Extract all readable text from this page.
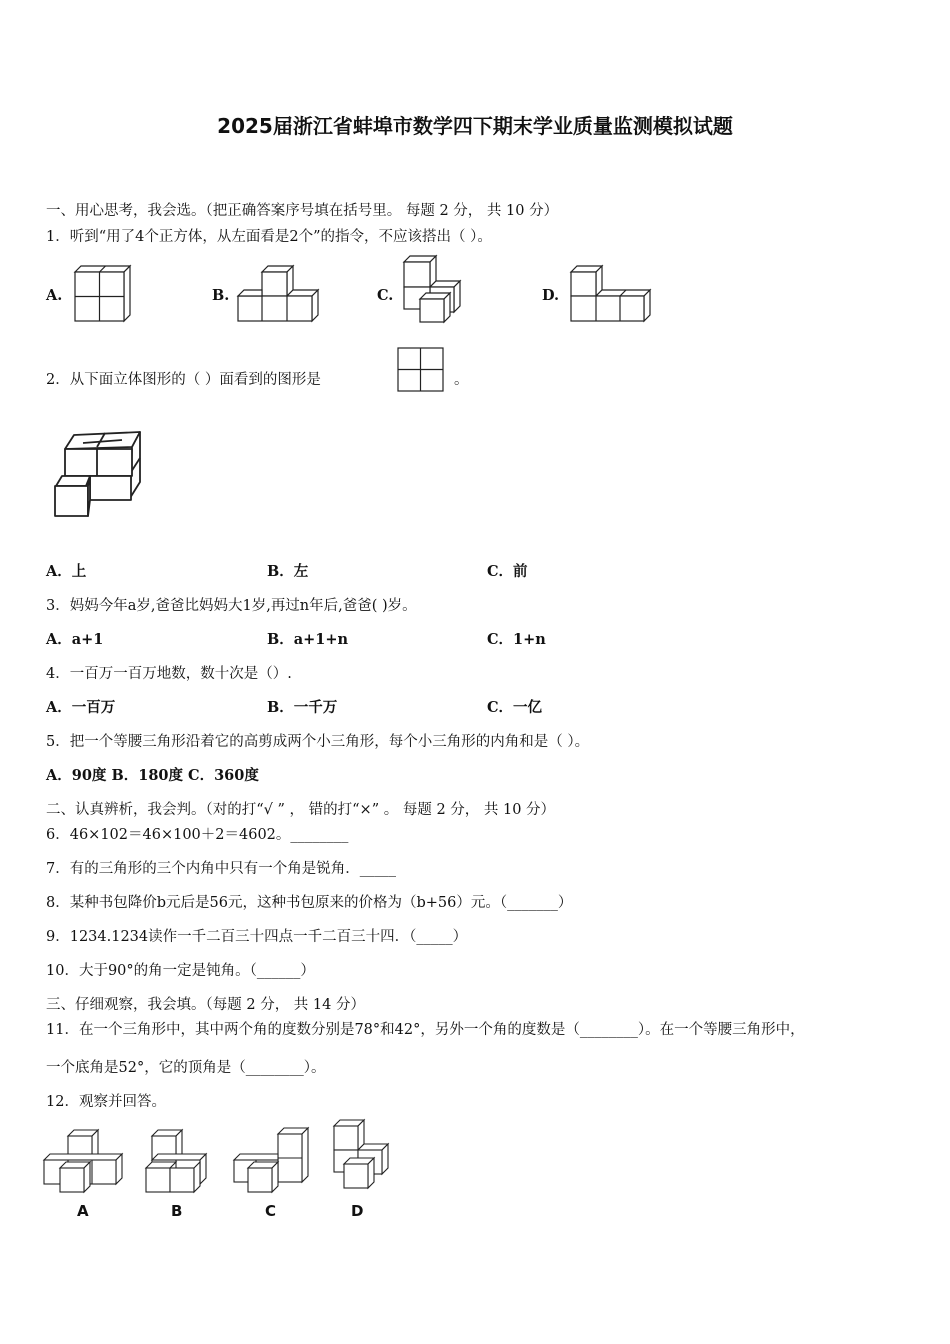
2025届浙江省蚌埠市数学四下期末学业质量监测模拟试题
一、用心思考，我会选。（把正确答案序号填在括号里。 每题 2 分， 共 10 分）
1．听到“用了4个正方体，从左面看是2个”的指令，不应该搭出（ ）。
A.	B.	C.	D.
2．从下面立体图形的（ ）面看到的图形是	。
A．上	B．左	C．前
3．妈妈今年a岁,爸爸比妈妈大1岁,再过n年后,爸爸( )岁。
A．a+1	B．a+1+n	C．1+n
4．一百万一百万地数，数十次是（）.
A．一百万	B．一千万	C．一亿
5．把一个等腰三角形沿着它的高剪成两个小三角形，每个小三角形的内角和是（ ）。
A．90度 B．180度 C．360度
二、认真辨析，我会判。（对的打“√ ” ， 错的打“×” 。 每题 2 分， 共 10 分）
6．46×102＝46×100＋2＝4602。________
7．有的三角形的三个内角中只有一个角是锐角．_____
8．某种书包降价b元后是56元，这种书包原来的价格为（b+56）元。（_______）
9．1234.1234读作一千二百三十四点一千二百三十四．（_____）
10．大于90°的角一定是钝角。（______）
三、仔细观察，我会填。（每题 2 分， 共 14 分）
11．在一个三角形中，其中两个角的度数分别是78°和42°，另外一个角的度数是（________）。在一个等腰三角形中，
一个底角是52°，它的顶角是（________）。
12．观察并回答。
A	B	C	D
